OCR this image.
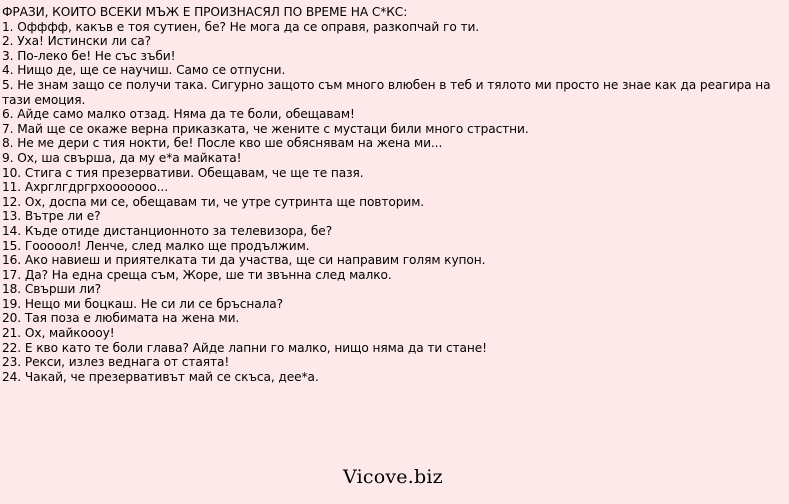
ФРАЗИ, КОИТО ВСЕКИ МЪЖ Е ПРОИЗНАСЯЛ ПО ВРЕМЕ НА С*КС:
1. Офффф, какъв е тоя сутиен, бе? Не мога да се оправя, разкопчай го ти.
2. Уха! Истински ли са?
3. По-леко бе! Не със зъби!
4. Нищо де, ще се научиш. Само се отпусни.
5. Не знам защо се получи така. Сигурно защото съм много влюбен в теб и тялото ми просто не знае как да реагира на тази емоция.
6. Айде само малко отзад. Няма да те боли, обещавам!
7. Май ще се окаже верна приказката, че жените с мустаци били много страстни.
8. Не ме дери с тия нокти, бе! После кво ше обяснявам на жена ми...
9. Ох, ша свърша, да му е*а майката!
10. Стига с тия презервативи. Обещавам, че ще те пазя.
11. Ахрглгдргрхооооооо...
12. Ох, доспа ми се, обещавам ти, че утре сутринта ще повторим.
13. Вътре ли е?
14. Къде отиде дистанционното за телевизора, бе?
15. Гооооол! Ленче, след малко ще продължим.
16. Ако навиеш и приятелката ти да участва, ще си направим голям купон.
17. Да? На една среща съм, Жоре, ше ти звънна след малко.
18. Свърши ли?
19. Нещо ми боцкаш. Не си ли се бръснала?
20. Тая поза е любимата на жена ми.
21. Ох, майкоооу!
22. Е кво като те боли глава? Айде лапни го малко, нищо няма да ти стане!
23. Рекси, излез веднага от стаята!
24. Чакай, че презервативът май се скъса, дее*а.
Vicove.biz
